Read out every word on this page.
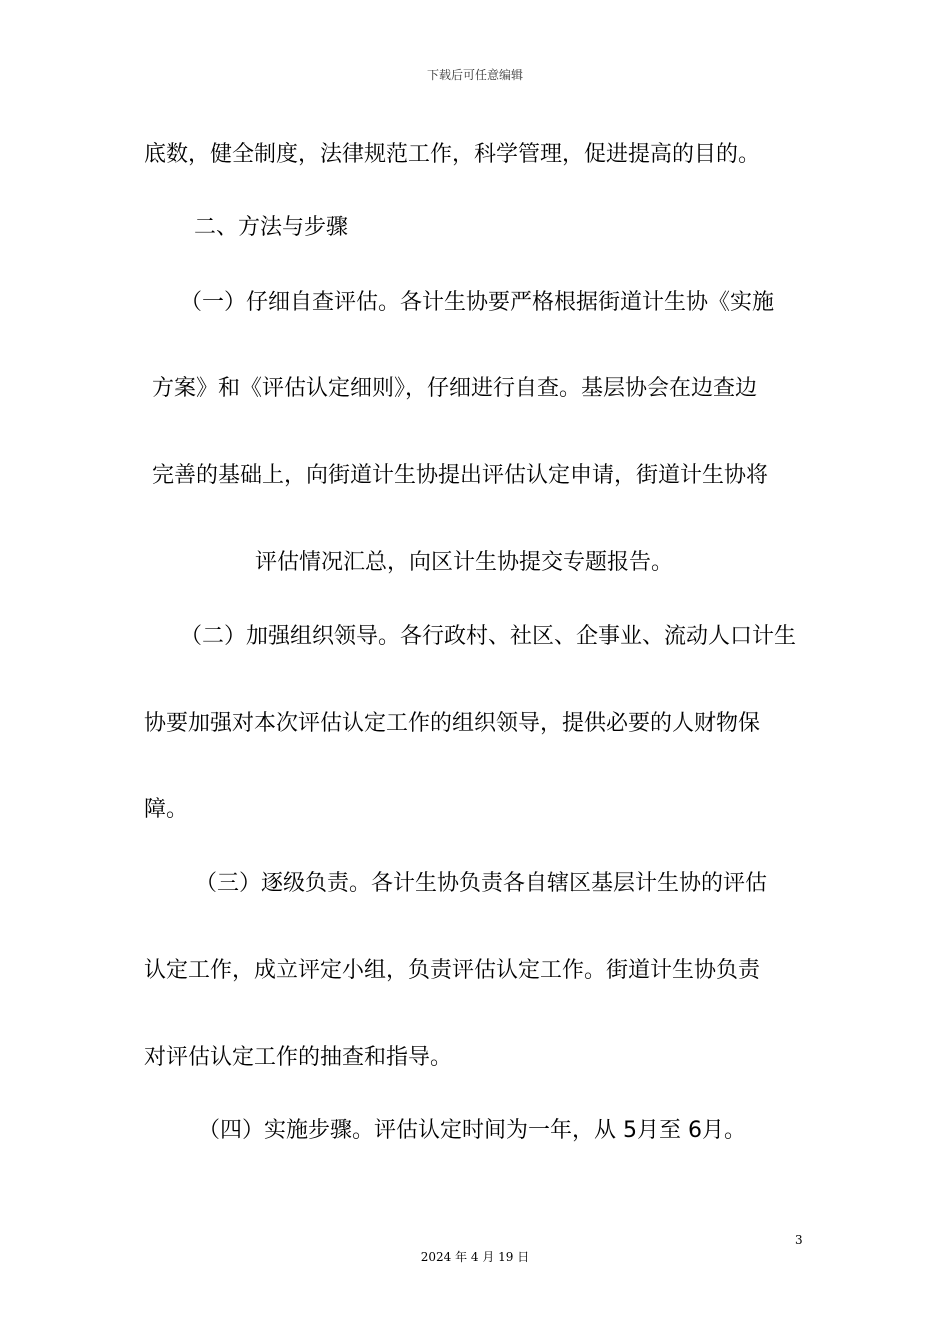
下载后可任意编辑
底数，健全制度，法律规范工作，科学管理，促进提高的目的。
二、方法与步骤
（一）仔细自查评估。各计生协要严格根据街道计生协《实施
方案》和《评估认定细则》，仔细进行自查。基层协会在边查边
完善的基础上，向街道计生协提出评估认定申请，街道计生协将
评估情况汇总，向区计生协提交专题报告。
（二）加强组织领导。各行政村、社区、企事业、流动人口计生
协要加强对本次评估认定工作的组织领导，提供必要的人财物保
障。
（三）逐级负责。各计生协负责各自辖区基层计生协的评估
认定工作，成立评定小组，负责评估认定工作。街道计生协负责
对评估认定工作的抽查和指导。
（四）实施步骤。评估认定时间为一年，从 5月至 6月。
3
2024 年 4 月 19 日
